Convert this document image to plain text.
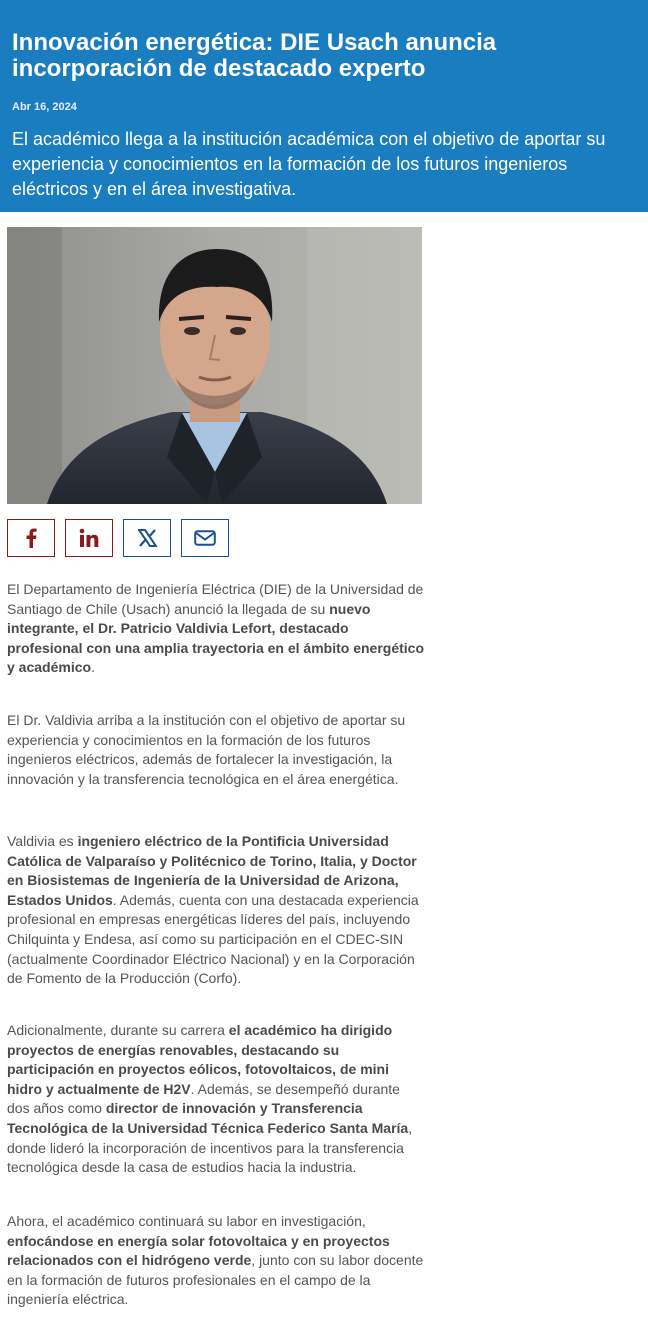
Innovación energética: DIE Usach anuncia incorporación de destacado experto
Abr 16, 2024
El académico llega a la institución académica con el objetivo de aportar su experiencia y conocimientos en la formación de los futuros ingenieros eléctricos y en el área investigativa.

El Departamento de Ingeniería Eléctrica (DIE) de la Universidad de Santiago de Chile (Usach) anunció la llegada de su nuevo integrante, el Dr. Patricio Valdivia Lefort, destacado profesional con una amplia trayectoria en el ámbito energético y académico.

El Dr. Valdivia arriba a la institución con el objetivo de aportar su experiencia y conocimientos en la formación de los futuros ingenieros eléctricos, además de fortalecer la investigación, la innovación y la transferencia tecnológica en el área energética.

Valdivia es ingeniero eléctrico de la Pontificia Universidad Católica de Valparaíso y Politécnico de Torino, Italia, y Doctor en Biosistemas de Ingeniería de la Universidad de Arizona, Estados Unidos. Además, cuenta con una destacada experiencia profesional en empresas energéticas líderes del país, incluyendo Chilquinta y Endesa, así como su participación en el CDEC-SIN (actualmente Coordinador Eléctrico Nacional) y en la Corporación de Fomento de la Producción (Corfo).

Adicionalmente, durante su carrera el académico ha dirigido proyectos de energías renovables, destacando su participación en proyectos eólicos, fotovoltaicos, de mini hidro y actualmente de H2V. Además, se desempeñó durante dos años como director de innovación y Transferencia Tecnológica de la Universidad Técnica Federico Santa María, donde lideró la incorporación de incentivos para la transferencia tecnológica desde la casa de estudios hacia la industria.

Ahora, el académico continuará su labor en investigación, enfocándose en energía solar fotovoltaica y en proyectos relacionados con el hidrógeno verde, junto con su labor docente en la formación de futuros profesionales en el campo de la ingeniería eléctrica.
